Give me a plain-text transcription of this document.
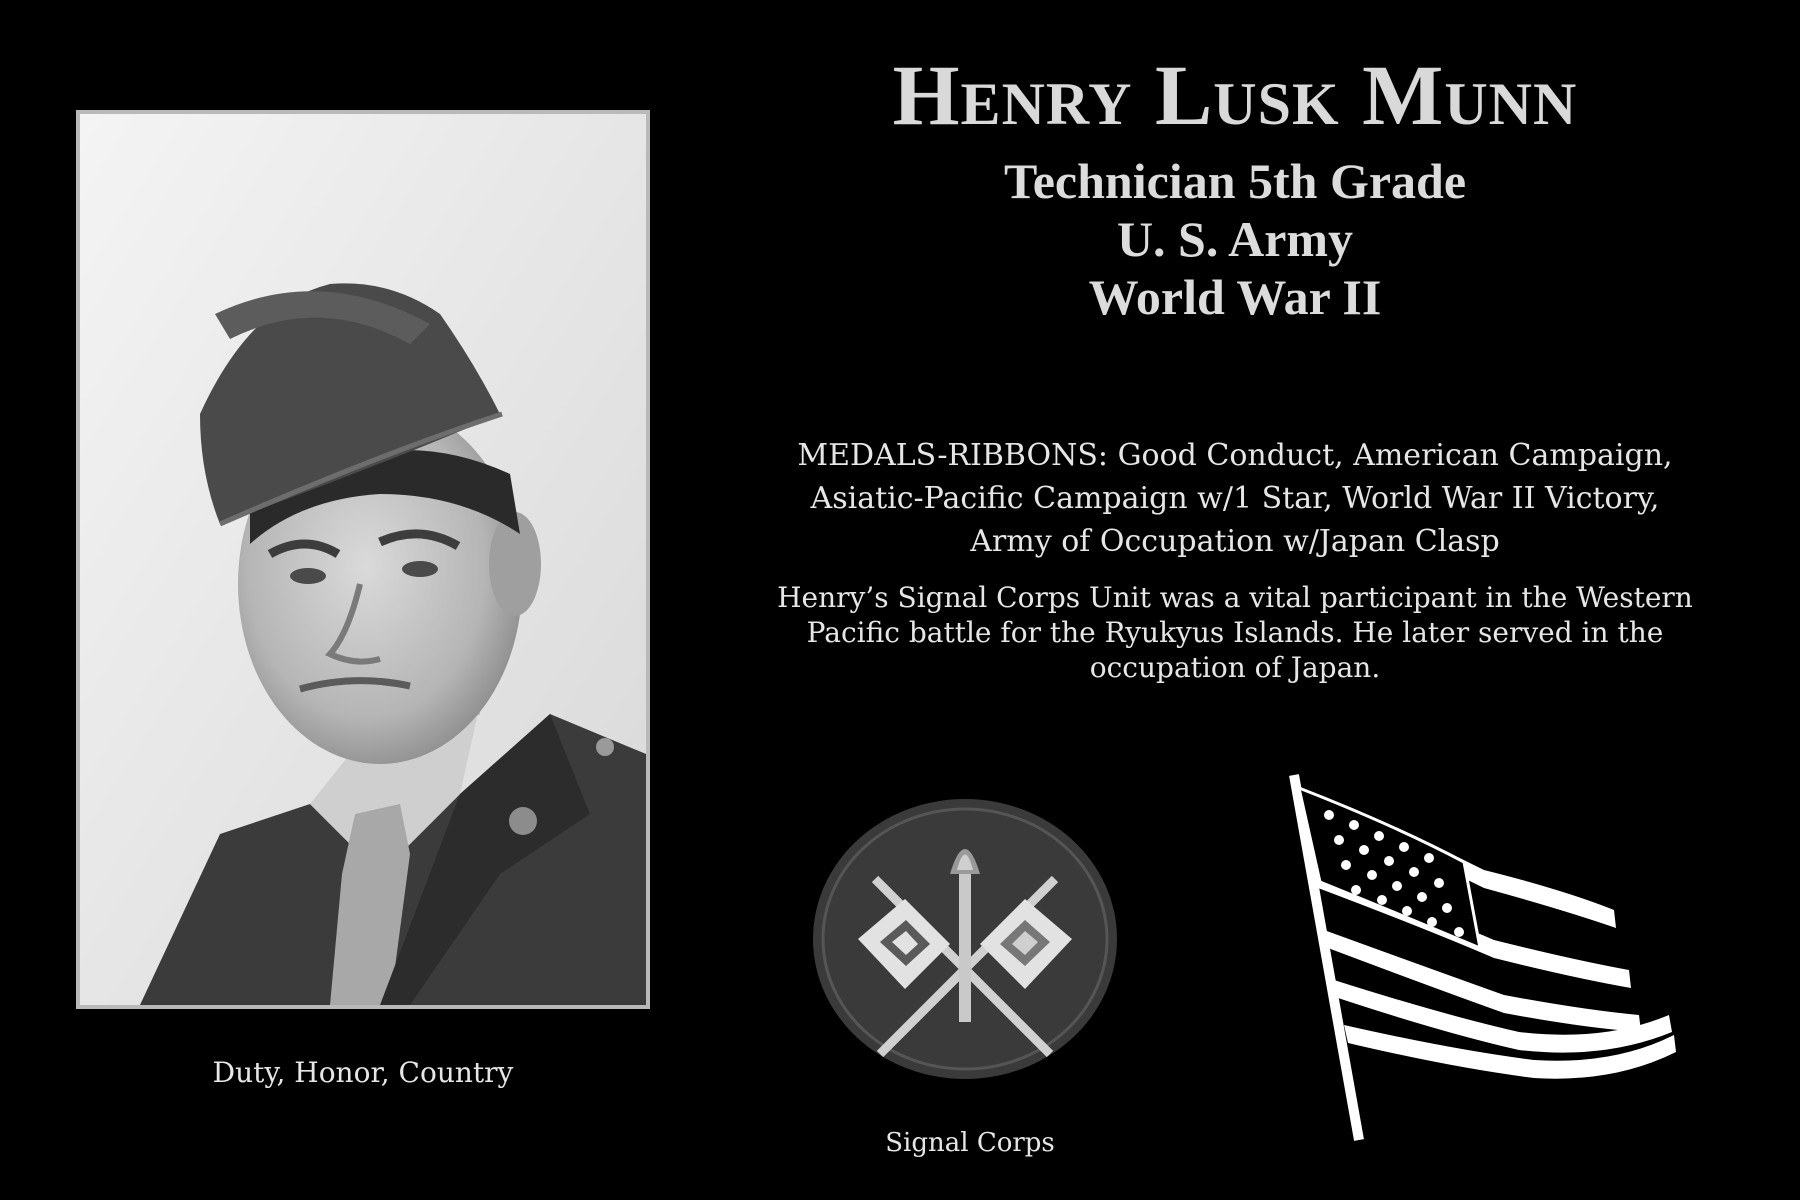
Duty, Honor, Country
Henry Lusk Munn
Technician 5th Grade
U. S. Army
World War II
MEDALS-RIBBONS: Good Conduct, American Campaign,
Asiatic-Pacific Campaign w/1 Star, World War II Victory,
Army of Occupation w/Japan Clasp
Henry’s Signal Corps Unit was a vital participant in the Western
Pacific battle for the Ryukyus Islands. He later served in the
occupation of Japan.
Signal Corps
